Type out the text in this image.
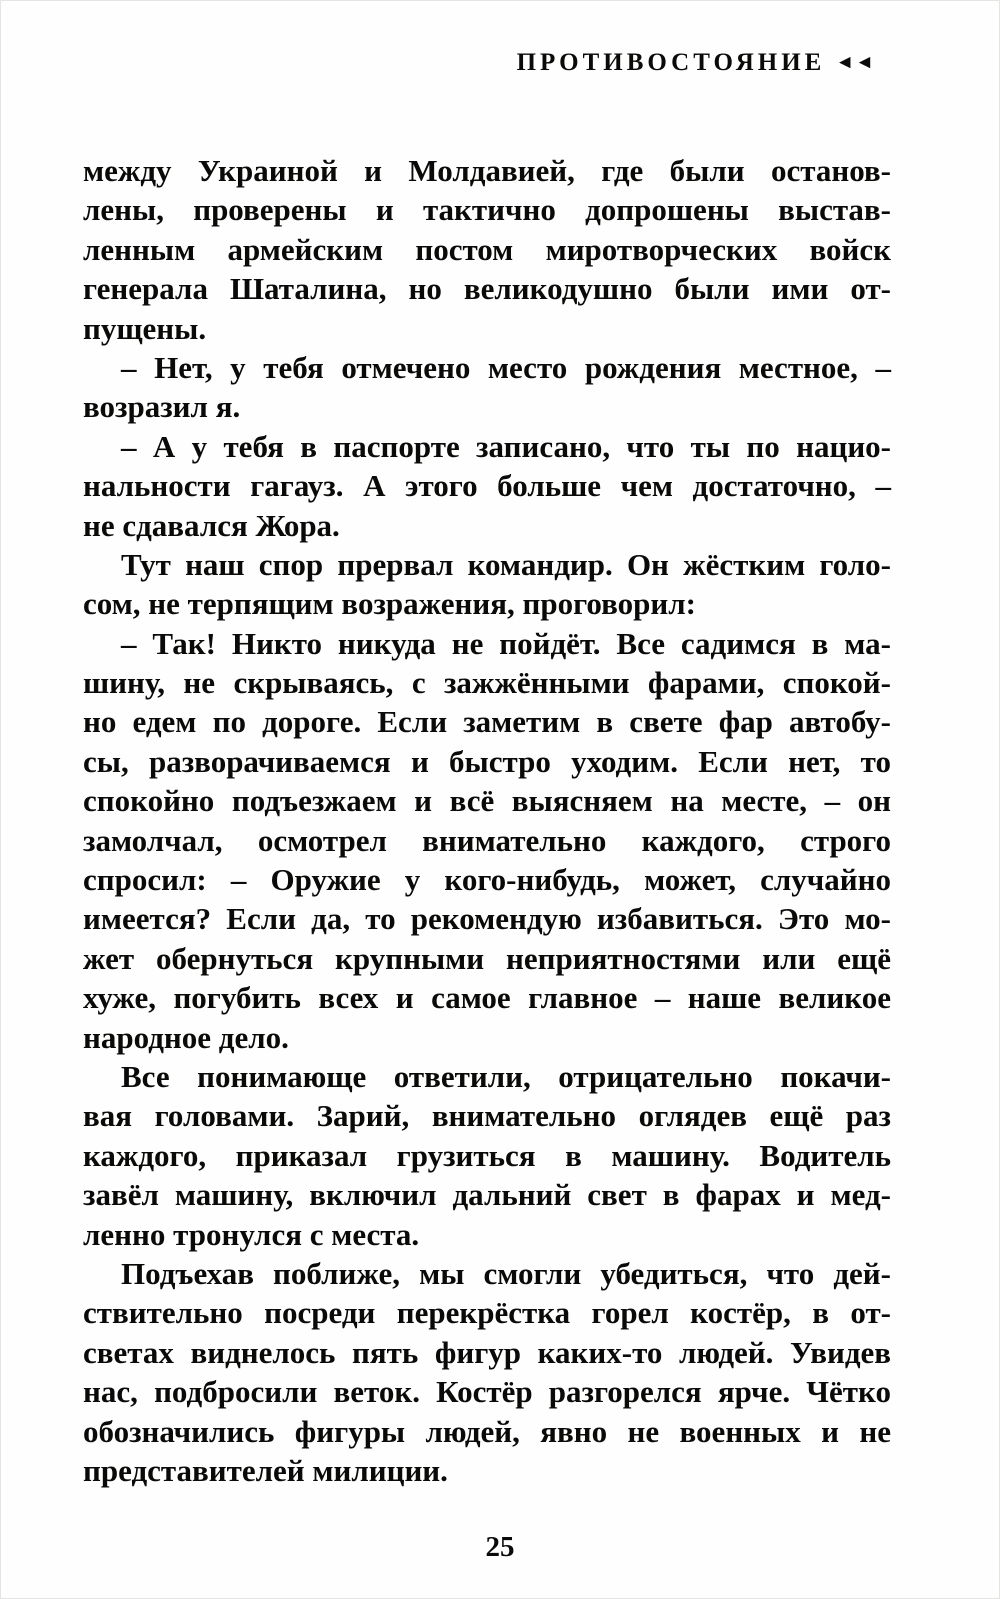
ПРОТИВОСТОЯНИЕ ◄◄
между Украиной и Молдавией, где были останов-
лены, проверены и тактично допрошены выстав-
ленным армейским постом миротворческих войск
генерала Шаталина, но великодушно были ими от-
пущены.
– Нет, у тебя отмечено место рождения местное, –
возразил я.
– А у тебя в паспорте записано, что ты по нацио-
нальности гагауз. А этого больше чем достаточно, –
не сдавался Жора.
Тут наш спор прервал командир. Он жёстким голо-
сом, не терпящим возражения, проговорил:
– Так! Никто никуда не пойдёт. Все садимся в ма-
шину, не скрываясь, с зажжёнными фарами, спокой-
но едем по дороге. Если заметим в свете фар автобу-
сы, разворачиваемся и быстро уходим. Если нет, то
спокойно подъезжаем и всё выясняем на месте, – он
замолчал, осмотрел внимательно каждого, строго
спросил: – Оружие у кого-нибудь, может, случайно
имеется? Если да, то рекомендую избавиться. Это мо-
жет обернуться крупными неприятностями или ещё
хуже, погубить всех и самое главное – наше великое
народное дело.
Все понимающе ответили, отрицательно покачи-
вая головами. Зарий, внимательно оглядев ещё раз
каждого, приказал грузиться в машину. Водитель
завёл машину, включил дальний свет в фарах и мед-
ленно тронулся с места.
Подъехав поближе, мы смогли убедиться, что дей-
ствительно посреди перекрёстка горел костёр, в от-
светах виднелось пять фигур каких-то людей. Увидев
нас, подбросили веток. Костёр разгорелся ярче. Чётко
обозначились фигуры людей, явно не военных и не
представителей милиции.
25
